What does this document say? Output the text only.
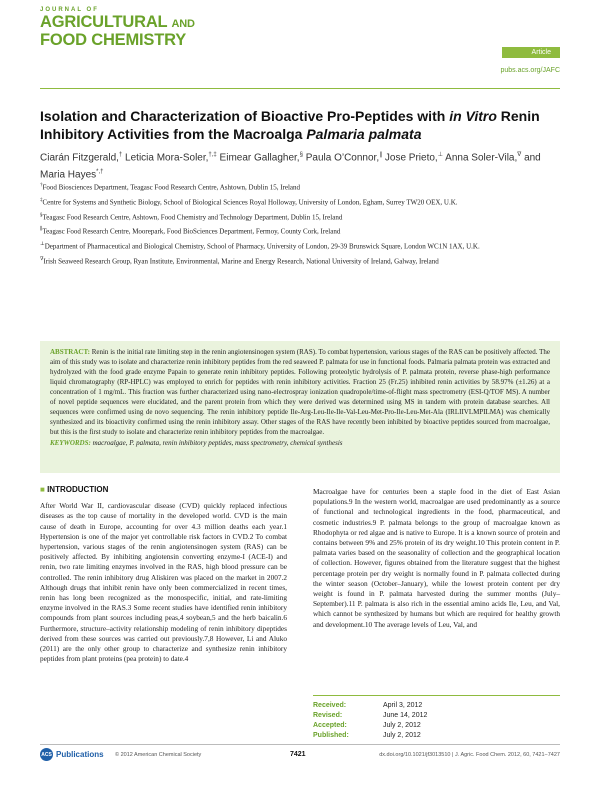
JOURNAL OF
AGRICULTURAL AND
FOOD CHEMISTRY
Article
pubs.acs.org/JAFC
Isolation and Characterization of Bioactive Pro-Peptides with in Vitro Renin Inhibitory Activities from the Macroalga Palmaria palmata
Ciarán Fitzgerald,† Leticia Mora-Soler,†,‡ Eimear Gallagher,§ Paula O’Connor,∥ Jose Prieto,⊥ Anna Soler-Vila,∇ and Maria Hayes*,†
†Food Biosciences Department, Teagasc Food Research Centre, Ashtown, Dublin 15, Ireland
‡Centre for Systems and Synthetic Biology, School of Biological Sciences Royal Holloway, University of London, Egham, Surrey TW20 OEX, U.K.
§Teagasc Food Research Centre, Ashtown, Food Chemistry and Technology Department, Dublin 15, Ireland
∥Teagasc Food Research Centre, Moorepark, Food BioSciences Department, Fermoy, County Cork, Ireland
⊥Department of Pharmaceutical and Biological Chemistry, School of Pharmacy, University of London, 29-39 Brunswick Square, London WC1N 1AX, U.K.
∇Irish Seaweed Research Group, Ryan Institute, Environmental, Marine and Energy Research, National University of Ireland, Galway, Ireland

ABSTRACT: Renin is the initial rate limiting step in the renin angiotensinogen system (RAS). To combat hypertension, various stages of the RAS can be positively affected. The aim of this study was to isolate and characterize renin inhibitory peptides from the red seaweed P. palmata for use in functional foods. Palmaria palmata protein was extracted and hydrolyzed with the food grade enzyme Papain to generate renin inhibitory peptides. Following proteolytic hydrolysis of P. palmata protein, reverse phase-high performance liquid chromatography (RP-HPLC) was employed to enrich for peptides with renin inhibitory activities. Fraction 25 (Fr.25) inhibited renin activities by 58.97% (±1.26) at a concentration of 1 mg/mL. This fraction was further characterized using nano-electrospray ionization quadropole/time-of-flight mass spectrometry (ESI-Q/TOF MS). A number of novel peptide sequences were elucidated, and the parent protein from which they were derived was determined using MS in tandem with protein database searches. All sequences were confirmed using de novo sequencing. The renin inhibitory peptide Ile-Arg-Leu-Ile-Ile-Val-Leu-Met-Pro-Ile-Leu-Met-Ala (IRLIIVLMPILMA) was chemically synthesized and its bioactivity confirmed using the renin inhibitory assay. Other stages of the RAS have recently been inhibited by bioactive peptides sourced from macroalgae, but this is the first study to isolate and characterize renin inhibitory peptides from the macroalgae.

KEYWORDS: macroalgae, P. palmata, renin inhibitory peptides, mass spectrometry, chemical synthesis

■ INTRODUCTION

After World War II, cardiovascular disease (CVD) quickly replaced infectious diseases as the top cause of mortality in the developed world. CVD is the main cause of death in Europe, accounting for over 4.3 million deaths each year.1 Hypertension is one of the major yet controllable risk factors in CVD.2 To combat hypertension, various stages of the renin angiotensinogen system (RAS) can be positively affected. By inhibiting angiotensin converting enzyme-I (ACE-I) and renin, two rate limiting enzymes involved in the RAS, high blood pressure can be controlled. The renin inhibitory drug Aliskiren was placed on the market in 2007.2 Although drugs that inhibit renin have only been commercialized in recent times, renin has long been recognized as the monospecific, initial, and rate-limiting enzyme involved in the RAS.3 Some recent studies have identified renin inhibitory compounds from plant sources including peas,4 soybean,5 and the herb baicalin.6 Furthermore, structure–activity relationship modeling of renin inhibitory dipeptides derived from these sources was carried out previously.7,8 However, Li and Aluko (2011) are the only other group to characterize and synthesize renin inhibitory peptides from plant proteins (pea protein) to date.4

Macroalgae have for centuries been a staple food in the diet of East Asian populations.9 In the western world, macroalgae are used predominantly as a source of functional and technological ingredients in the food, pharmaceutical, and cosmetic industries.9 P. palmata belongs to the group of macroalgae known as Rhodophyta or red algae and is native to Europe. It is a known source of protein and contains between 9% and 25% protein of its dry weight.10 This protein content in P. palmata varies based on the seasonality of collection and the geographical location of collection. However, figures obtained from the literature suggest that the highest percentage protein per dry weight is normally found in P. palmata collected during the winter season (October–January), while the lowest protein content per dry weight is found in P. palmata harvested during the summer months (July–September).11 P. palmata is also rich in the essential amino acids Ile, Leu, and Val, which cannot be synthesized by humans but which are required for healthy growth and development.10 The average levels of Leu, Val, and

Received:	April 3, 2012
Revised:	June 14, 2012
Accepted:	July 2, 2012
Published:	July 2, 2012
ACS Publications © 2012 American Chemical Society	7421	dx.doi.org/10.1021/jf3013510 | J. Agric. Food Chem. 2012, 60, 7421−7427
